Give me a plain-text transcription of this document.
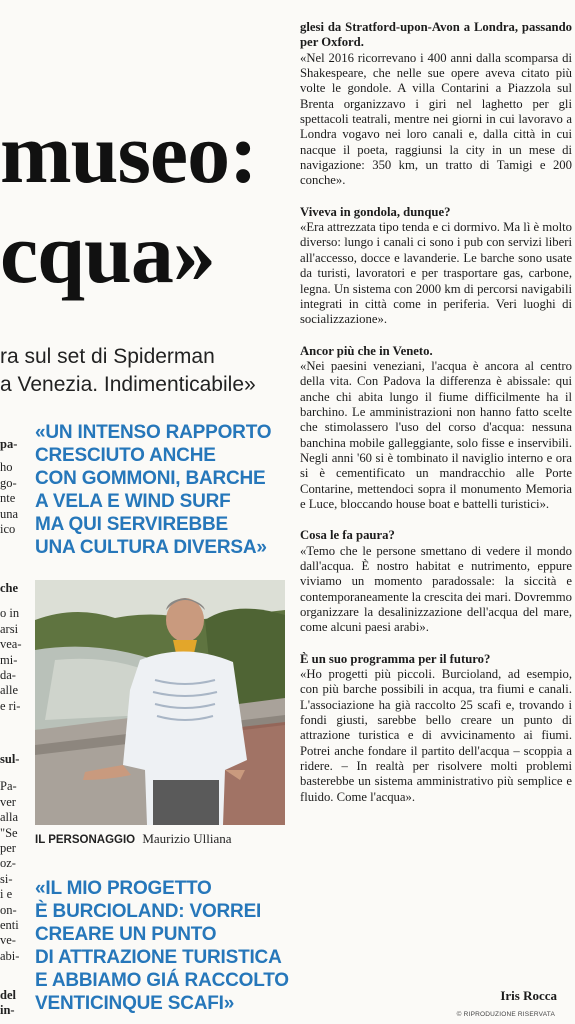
museo:
cqua»
ra sul set di Spiderman
a Venezia. Indimenticabile»
pa-
ho
go-
nte
una
ico
che
o in
arsi
vea-
mi-
da-
alle
e ri-
sul-
Pa-
ver
alla
"Se
per
oz-
si-
i e
on-
enti
ve-
abi-
del
in-
«UN INTENSO RAPPORTO
CRESCIUTO ANCHE
CON GOMMONI, BARCHE
A VELA E WIND SURF
MA QUI SERVIREBBE
UNA CULTURA DIVERSA»
IL PERSONAGGIO Maurizio Ulliana
«IL MIO PROGETTO
È BURCIOLAND: VORREI
CREARE UN PUNTO
DI ATTRAZIONE TURISTICA
E ABBIAMO GIÁ RACCOLTO
VENTICINQUE SCAFI»

glesi da Stratford-upon-Avon a Londra, passando per Oxford.

«Nel 2016 ricorrevano i 400 anni dalla scomparsa di Shakespeare, che nelle sue opere aveva citato più volte le gondole. A villa Contarini a Piazzola sul Brenta organizzavo i giri nel laghetto per gli spettacoli teatrali, mentre nei giorni in cui lavoravo a Londra vogavo nei loro canali e, dalla città in cui nacque il poeta, raggiunsi la city in un mese di navigazione: 350 km, un tratto di Tamigi e 200 conche».

Viveva in gondola, dunque?

«Era attrezzata tipo tenda e ci dormivo. Ma lì è molto diverso: lungo i canali ci sono i pub con servizi liberi all'accesso, docce e lavanderie. Le barche sono usate da turisti, lavoratori e per trasportare gas, carbone, legna. Un sistema con 2000 km di percorsi navigabili integrati in città come in periferia. Veri luoghi di socializzazione».

Ancor più che in Veneto.

«Nei paesini veneziani, l'acqua è ancora al centro della vita. Con Padova la differenza è abissale: qui anche chi abita lungo il fiume difficilmente ha il barchino. Le amministrazioni non hanno fatto scelte che stimolassero l'uso del corso d'acqua: nessuna banchina mobile galleggiante, solo fisse e inservibili. Negli anni '60 si è tombinato il naviglio interno e ora si è cementificato un mandracchio alle Porte Contarine, mettendoci sopra il monumento Memoria e Luce, bloccando house boat e battelli turistici».

Cosa le fa paura?

«Temo che le persone smettano di vedere il mondo dall'acqua. È nostro habitat e nutrimento, eppure viviamo un momento paradossale: la siccità e contemporaneamente la crescita dei mari. Dovremmo organizzare la desalinizzazione dell'acqua del mare, come alcuni paesi arabi».

È un suo programma per il futuro?

«Ho progetti più piccoli. Burcioland, ad esempio, con più barche possibili in acqua, tra fiumi e canali. L'associazione ha già raccolto 25 scafi e, trovando i fondi giusti, sarebbe bello creare un punto di attrazione turistica e di avvicinamento ai fiumi. Potrei anche fondare il partito dell'acqua – scoppia a ridere. – In realtà per risolvere molti problemi basterebbe un sistema amministrativo più semplice e fluido. Come l'acqua».

Iris Rocca
© RIPRODUZIONE RISERVATA
